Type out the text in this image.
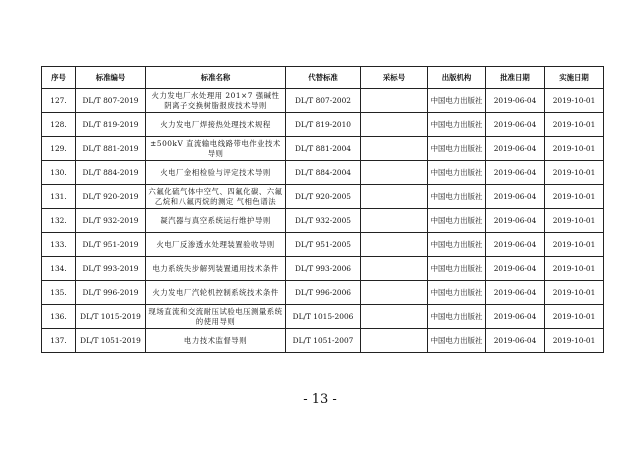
序号	标准编号	标准名称	代替标准	采标号	出版机构	批准日期	实施日期
127.	DL/T 807-2019	火力发电厂水处理用 201×7 强碱性阴离子交换树脂报废技术导则	DL/T 807-2002		中国电力出版社	2019-06-04	2019-10-01
128.	DL/T 819-2019	火力发电厂焊接热处理技术规程	DL/T 819-2010		中国电力出版社	2019-06-04	2019-10-01
129.	DL/T 881-2019	±500kV 直流输电线路带电作业技术导则	DL/T 881-2004		中国电力出版社	2019-06-04	2019-10-01
130.	DL/T 884-2019	火电厂金相检验与评定技术导则	DL/T 884-2004		中国电力出版社	2019-06-04	2019-10-01
131.	DL/T 920-2019	六氟化硫气体中空气、四氟化碳、六氟乙烷和八氟丙烷的测定 气相色谱法	DL/T 920-2005		中国电力出版社	2019-06-04	2019-10-01
132.	DL/T 932-2019	凝汽器与真空系统运行维护导则	DL/T 932-2005		中国电力出版社	2019-06-04	2019-10-01
133.	DL/T 951-2019	火电厂反渗透水处理装置验收导则	DL/T 951-2005		中国电力出版社	2019-06-04	2019-10-01
134.	DL/T 993-2019	电力系统失步解列装置通用技术条件	DL/T 993-2006		中国电力出版社	2019-06-04	2019-10-01
135.	DL/T 996-2019	火力发电厂汽轮机控制系统技术条件	DL/T 996-2006		中国电力出版社	2019-06-04	2019-10-01
136.	DL/T 1015-2019	现场直流和交流耐压试验电压测量系统的使用导则	DL/T 1015-2006		中国电力出版社	2019-06-04	2019-10-01
137.	DL/T 1051-2019	电力技术监督导则	DL/T 1051-2007		中国电力出版社	2019-06-04	2019-10-01
- 13 -
